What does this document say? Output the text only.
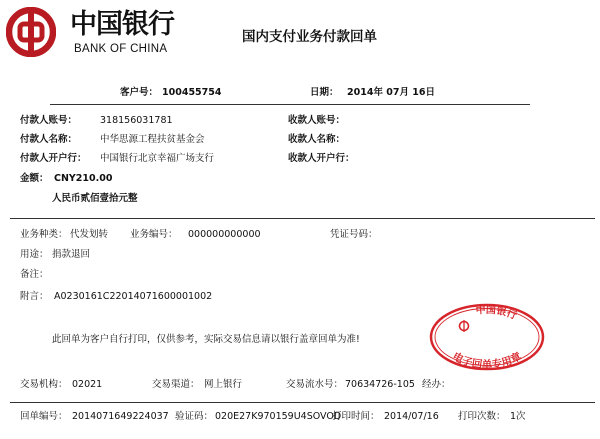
中国银行
BANK OF CHINA
国内支付业务付款回单
客户号： 100455754	日期： 2014年 07月 16日
付款人账号： 318156031781	收款人账号：
付款人名称： 中华思源工程扶贫基金会	收款人名称：
付款人开户行： 中国银行北京幸福广场支行	收款人开户行：
金额： CNY210.00
人民币贰佰壹拾元整
业务种类： 代发划转 业务编号： 000000000000	凭证号码：
用途： 捐款退回
备注：
附言： A0230161C22014071600001002
此回单为客户自行打印，仅供参考，实际交易信息请以银行盖章回单为准!
中国银行
电子回单专用章
交易机构： 02021	交易渠道： 网上银行	交易流水号： 70634726-105 经办：
回单编号： 20140716492240‌37 验证码： 020E27K970159U4SOVOD
打印时间： 2014/07/16 打印次数： 1次
